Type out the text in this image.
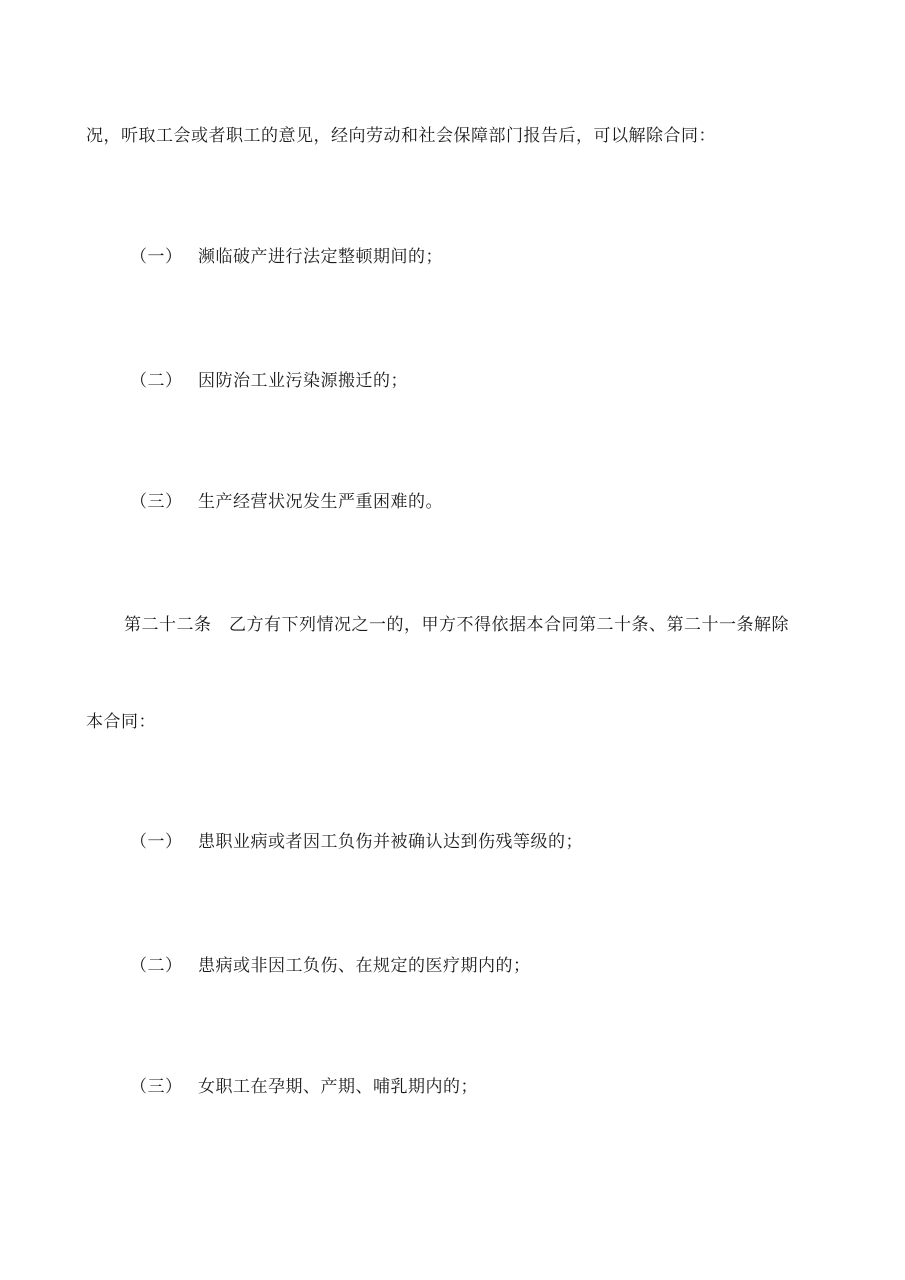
况，听取工会或者职工的意见，经向劳动和社会保障部门报告后，可以解除合同：
（一） 濒临破产进行法定整顿期间的；
（二） 因防治工业污染源搬迁的；
（三） 生产经营状况发生严重困难的。
第二十二条　乙方有下列情况之一的，甲方不得依据本合同第二十条、第二十一条解除
本合同：
（一） 患职业病或者因工负伤并被确认达到伤残等级的；
（二） 患病或非因工负伤、在规定的医疗期内的；
（三） 女职工在孕期、产期、哺乳期内的；
